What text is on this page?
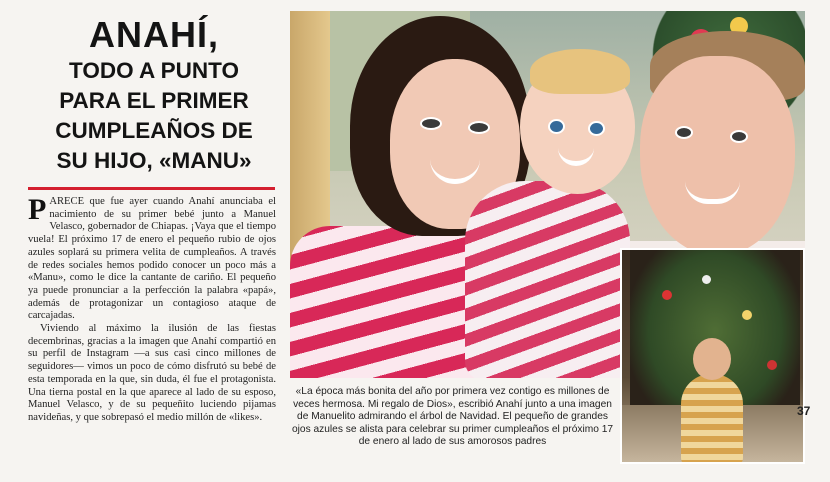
ANAHÍ,
TODO A PUNTO
PARA EL PRIMER
CUMPLEAÑOS DE
SU HIJO, «MANU»

PARECE que fue ayer cuando Anahí anunciaba el nacimiento de su primer bebé junto a Manuel Velasco, gobernador de Chiapas. ¡Vaya que el tiempo vuela! El próximo 17 de enero el pequeño rubio de ojos azules soplará su primera velita de cumpleaños. A través de redes sociales hemos podido conocer un poco más a «Manu», como le dice la cantante de cariño. El pequeño ya puede pronunciar a la perfección la palabra «papá», además de protagonizar un contagioso ataque de carcajadas.

Viviendo al máximo la ilusión de las fiestas decembrinas, gracias a la imagen que Anahí compartió en su perfil de Instagram —a sus casi cinco millones de seguidores— vimos un poco de cómo disfrutó su bebé de esta temporada en la que, sin duda, él fue el protagonista. Una tierna postal en la que aparece al lado de su esposo, Manuel Velasco, y de su pequeñito luciendo pijamas navideñas, y que sobrepasó el medio millón de «likes».

«La época más bonita del año por primera vez contigo es millones de veces hermosa. Mi regalo de Dios», escribió Anahí junto a una imagen de Manuelito admirando el árbol de Navidad. El pequeño de grandes ojos azules se alista para celebrar su primer cumpleaños el próximo 17 de enero al lado de sus amorosos padres
37
